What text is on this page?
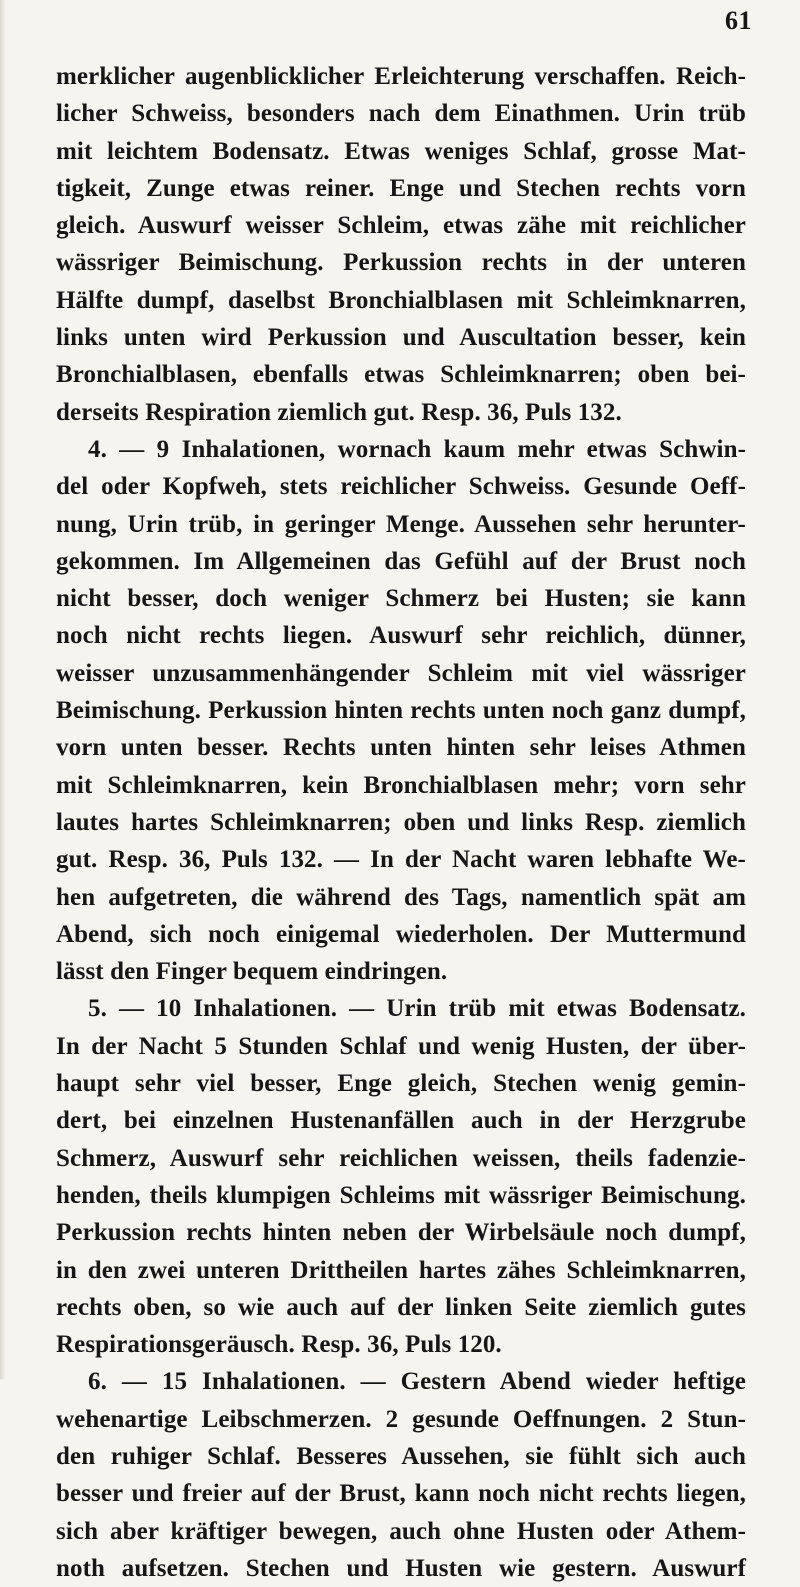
61
merklicher augenblicklicher Erleichterung verschaffen. Reich-
licher Schweiss, besonders nach dem Einathmen. Urin trüb
mit leichtem Bodensatz. Etwas weniges Schlaf, grosse Mat-
tigkeit, Zunge etwas reiner. Enge und Stechen rechts vorn
gleich. Auswurf weisser Schleim, etwas zähe mit reichlicher
wässriger Beimischung. Perkussion rechts in der unteren
Hälfte dumpf, daselbst Bronchialblasen mit Schleimknarren,
links unten wird Perkussion und Auscultation besser, kein
Bronchialblasen, ebenfalls etwas Schleimknarren; oben bei-
derseits Respiration ziemlich gut. Resp. 36, Puls 132.
4. — 9 Inhalationen, wornach kaum mehr etwas Schwin-
del oder Kopfweh, stets reichlicher Schweiss. Gesunde Oeff-
nung, Urin trüb, in geringer Menge. Aussehen sehr herunter-
gekommen. Im Allgemeinen das Gefühl auf der Brust noch
nicht besser, doch weniger Schmerz bei Husten; sie kann
noch nicht rechts liegen. Auswurf sehr reichlich, dünner,
weisser unzusammenhängender Schleim mit viel wässriger
Beimischung. Perkussion hinten rechts unten noch ganz dumpf,
vorn unten besser. Rechts unten hinten sehr leises Athmen
mit Schleimknarren, kein Bronchialblasen mehr; vorn sehr
lautes hartes Schleimknarren; oben und links Resp. ziemlich
gut. Resp. 36, Puls 132. — In der Nacht waren lebhafte We-
hen aufgetreten, die während des Tags, namentlich spät am
Abend, sich noch einigemal wiederholen. Der Muttermund
lässt den Finger bequem eindringen.
5. — 10 Inhalationen. — Urin trüb mit etwas Bodensatz.
In der Nacht 5 Stunden Schlaf und wenig Husten, der über-
haupt sehr viel besser, Enge gleich, Stechen wenig gemin-
dert, bei einzelnen Hustenanfällen auch in der Herzgrube
Schmerz, Auswurf sehr reichlichen weissen, theils fadenzie-
henden, theils klumpigen Schleims mit wässriger Beimischung.
Perkussion rechts hinten neben der Wirbelsäule noch dumpf,
in den zwei unteren Drittheilen hartes zähes Schleimknarren,
rechts oben, so wie auch auf der linken Seite ziemlich gutes
Respirationsgeräusch. Resp. 36, Puls 120.
6. — 15 Inhalationen. — Gestern Abend wieder heftige
wehenartige Leibschmerzen. 2 gesunde Oeffnungen. 2 Stun-
den ruhiger Schlaf. Besseres Aussehen, sie fühlt sich auch
besser und freier auf der Brust, kann noch nicht rechts liegen,
sich aber kräftiger bewegen, auch ohne Husten oder Athem-
noth aufsetzen. Stechen und Husten wie gestern. Auswurf
